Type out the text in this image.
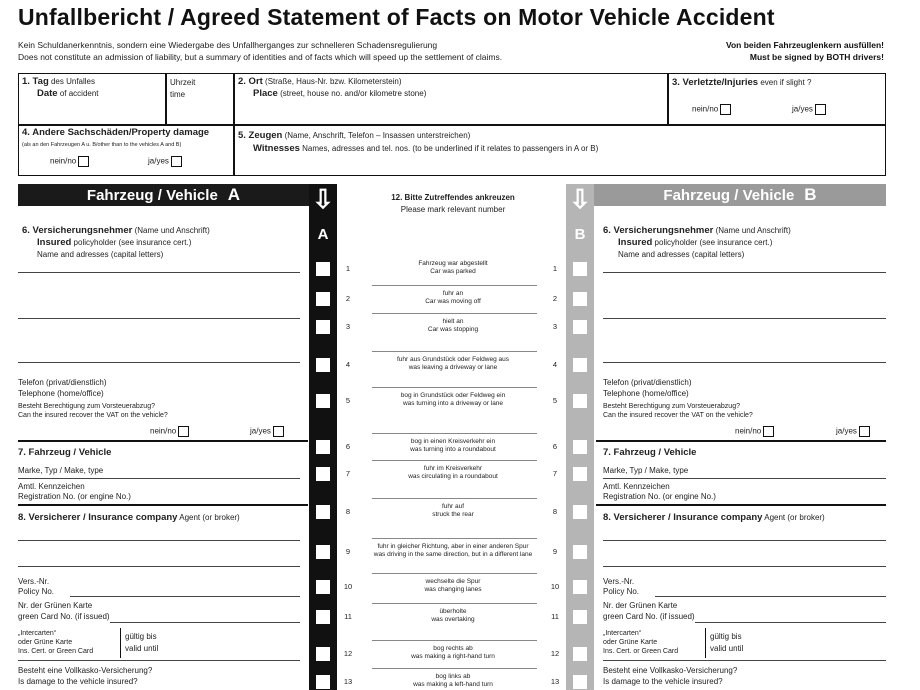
Unfallbericht / Agreed Statement of Facts on Motor Vehicle Accident
Kein Schuldanerkenntnis, sondern eine Wiedergabe des Unfallherganges zur schnelleren Schadensregulierung
Does not constitute an admission of liability, but a summary of identities and of facts which will speed up the settlement of claims.
Von beiden Fahrzeuglenkern ausfüllen!
Must be signed by BOTH drivers!
1. Tag des Unfalles
Date of accident
Uhrzeit
time
2. Ort (Straße, Haus-Nr. bzw. Kilometerstein)
Place (street, house no. and/or kilometre stone)
3. Verletzte/Injuries even if slight ?
nein/no	ja/yes
4. Andere Sachschäden/Property damage
(als an den Fahrzeugen A u. B/other than to the vehicles A and B)
nein/no	ja/yes
5. Zeugen (Name, Anschrift, Telefon – Insassen unterstreichen)
Witnesses Names, adresses and tel. nos. (to be underlined if it relates to passengers in A or B)
Fahrzeug / Vehicle A	Fahrzeug / Vehicle B
⇩
A
⇩
B
12. Bitte Zutreffendes ankreuzen
Please mark relevant number
1	1
Fahrzeug war abgestellt
Car was parked
2	2
fuhr an
Car was moving off
3	3
hielt an
Car was stopping
4	4
fuhr aus Grundstück oder Feldweg aus
was leaving a driveway or lane
5	5
bog in Grundstück oder Feldweg ein
was turning into a driveway or lane
6	6
bog in einen Kreisverkehr ein
was turning into a roundabout
7	7
fuhr im Kreisverkehr
was circulating in a roundabout
8	8
fuhr auf
struck the rear
9	9
fuhr in gleicher Richtung, aber in einer anderen Spur
was driving in the same direction, but in a different lane
10	10
wechselte die Spur
was changing lanes
11	11
überholte
was overtaking
12	12
bog rechts ab
was making a right-hand turn
13	13
bog links ab
was making a left-hand turn
6. Versicherungsnehmer (Name und Anschrift)
Insured policyholder (see insurance cert.)
Name and adresses (capital letters)
Telefon (privat/dienstlich)
Telephone (home/office)
Besteht Berechtigung zum Vorsteuerabzug?
Can the insured recover the VAT on the vehicle?
nein/no	ja/yes
7. Fahrzeug / Vehicle
Marke, Typ / Make, type
Amtl. Kennzeichen
Registration No. (or engine No.)
8. Versicherer / Insurance company Agent (or broker)
Vers.-Nr.
Policy No.
Nr. der Grünen Karte
green Card No. (if issued)
„Intercarten“
oder Grüne Karte
Ins. Cert. or Green Card
gültig bis
valid until
Besteht eine Vollkasko-Versicherung?
Is damage to the vehicle insured?
6. Versicherungsnehmer (Name und Anschrift)
Insured policyholder (see insurance cert.)
Name and adresses (capital letters)
Telefon (privat/dienstlich)
Telephone (home/office)
Besteht Berechtigung zum Vorsteuerabzug?
Can the insured recover the VAT on the vehicle?
nein/no	ja/yes
7. Fahrzeug / Vehicle
Marke, Typ / Make, type
Amtl. Kennzeichen
Registration No. (or engine No.)
8. Versicherer / Insurance company Agent (or broker)
Vers.-Nr.
Policy No.
Nr. der Grünen Karte
green Card No. (if issued)
„Intercarten“
oder Grüne Karte
Ins. Cert. or Green Card
gültig bis
valid until
Besteht eine Vollkasko-Versicherung?
Is damage to the vehicle insured?
